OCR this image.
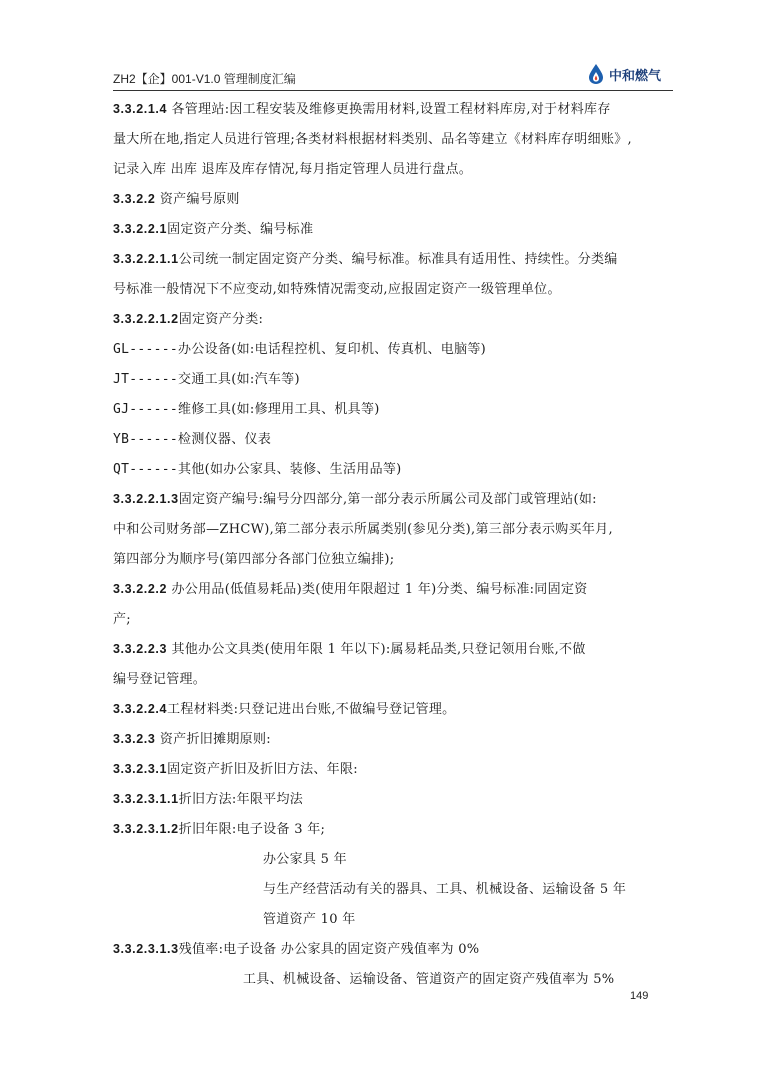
ZH2【企】001-V1.0 管理制度汇编	中和燃气
3.3.2.1.4 各管理站:因工程安装及维修更换需用材料,设置工程材料库房,对于材料库存
量大所在地,指定人员进行管理;各类材料根据材料类别、品名等建立《材料库存明细账》,
记录入库 出库 退库及库存情况,每月指定管理人员进行盘点。
3.3.2.2 资产编号原则
3.3.2.2.1固定资产分类、编号标准
3.3.2.2.1.1公司统一制定固定资产分类、编号标准。标准具有适用性、持续性。分类编
号标准一般情况下不应变动,如特殊情况需变动,应报固定资产一级管理单位。
3.3.2.2.1.2固定资产分类:
GL------办公设备(如:电话程控机、复印机、传真机、电脑等)
JT------交通工具(如:汽车等)
GJ------维修工具(如:修理用工具、机具等)
YB------检测仪器、仪表
QT------其他(如办公家具、装修、生活用品等)
3.3.2.2.1.3固定资产编号:编号分四部分,第一部分表示所属公司及部门或管理站(如:
中和公司财务部—ZHCW),第二部分表示所属类别(参见分类),第三部分表示购买年月,
第四部分为顺序号(第四部分各部门位独立编排);
3.3.2.2.2 办公用品(低值易耗品)类(使用年限超过 1 年)分类、编号标准:同固定资
产;
3.3.2.2.3 其他办公文具类(使用年限 1 年以下):属易耗品类,只登记领用台账,不做
编号登记管理。
3.3.2.2.4工程材料类:只登记进出台账,不做编号登记管理。
3.3.2.3 资产折旧摊期原则:
3.3.2.3.1固定资产折旧及折旧方法、年限:
3.3.2.3.1.1折旧方法:年限平均法
3.3.2.3.1.2折旧年限:电子设备 3 年;
办公家具 5 年
与生产经营活动有关的器具、工具、机械设备、运输设备 5 年
管道资产 10 年
3.3.2.3.1.3残值率:电子设备 办公家具的固定资产残值率为 0%
工具、机械设备、运输设备、管道资产的固定资产残值率为 5%
149
